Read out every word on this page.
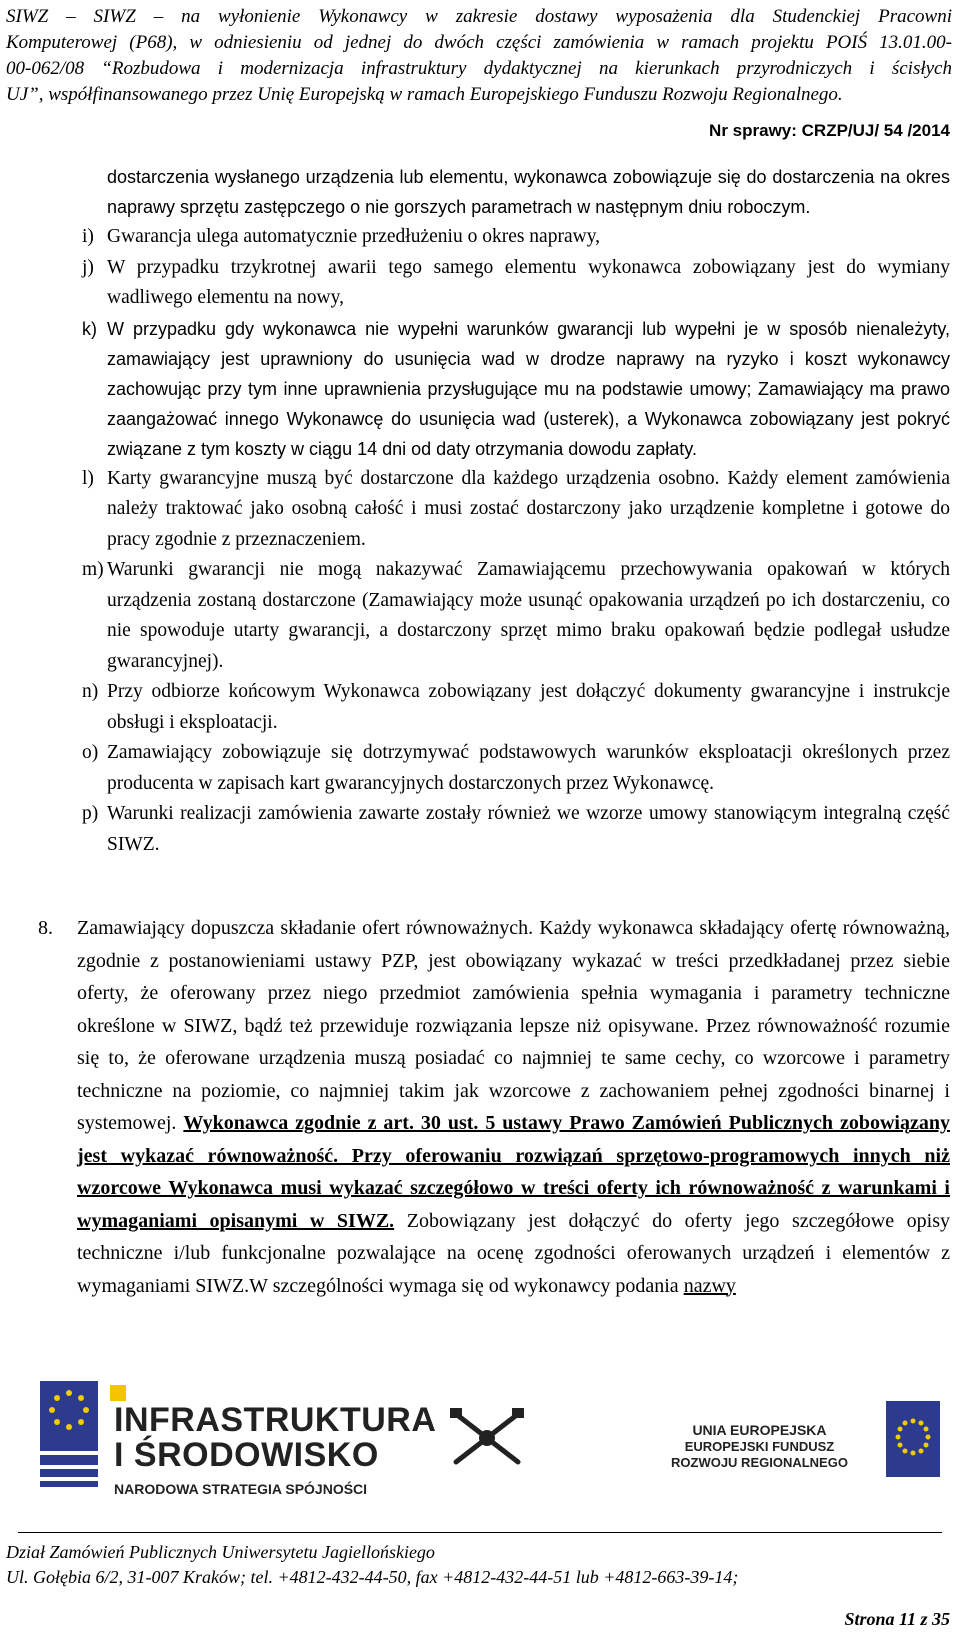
SIWZ – SIWZ – na wyłonienie Wykonawcy w zakresie dostawy wyposażenia dla Studenckiej Pracowni
Komputerowej (P68), w odniesieniu od jednej do dwóch części zamówienia w ramach projektu POIŚ 13.01.00-
00-062/08 “Rozbudowa i modernizacja infrastruktury dydaktycznej na kierunkach przyrodniczych i ścisłych
UJ”, współfinansowanego przez Unię Europejską w ramach Europejskiego Funduszu Rozwoju Regionalnego.
Nr sprawy: CRZP/UJ/ 54 /2014

dostarczenia wysłanego urządzenia lub elementu, wykonawca zobowiązuje się do dostarczenia na okres naprawy sprzętu zastępczego o nie gorszych parametrach w następnym dniu roboczym.

i) Gwarancja ulega automatycznie przedłużeniu o okres naprawy,
j) W przypadku trzykrotnej awarii tego samego elementu wykonawca zobowiązany jest do wymiany wadliwego elementu na nowy,
k) W przypadku gdy wykonawca nie wypełni warunków gwarancji lub wypełni je w sposób nienależyty, zamawiający jest uprawniony do usunięcia wad w drodze naprawy na ryzyko i koszt wykonawcy zachowując przy tym inne uprawnienia przysługujące mu na podstawie umowy; Zamawiający ma prawo zaangażować innego Wykonawcę do usunięcia wad (usterek), a Wykonawca zobowiązany jest pokryć związane z tym koszty w ciągu 14 dni od daty otrzymania dowodu zapłaty.
l) Karty gwarancyjne muszą być dostarczone dla każdego urządzenia osobno. Każdy element zamówienia należy traktować jako osobną całość i musi zostać dostarczony jako urządzenie kompletne i gotowe do pracy zgodnie z przeznaczeniem.
m) Warunki gwarancji nie mogą nakazywać Zamawiającemu przechowywania opakowań w których urządzenia zostaną dostarczone (Zamawiający może usunąć opakowania urządzeń po ich dostarczeniu, co nie spowoduje utarty gwarancji, a dostarczony sprzęt mimo braku opakowań będzie podlegał usłudze gwarancyjnej).
n) Przy odbiorze końcowym Wykonawca zobowiązany jest dołączyć dokumenty gwarancyjne i instrukcje obsługi i eksploatacji.
o) Zamawiający zobowiązuje się dotrzymywać podstawowych warunków eksploatacji określonych przez producenta w zapisach kart gwarancyjnych dostarczonych przez Wykonawcę.
p) Warunki realizacji zamówienia zawarte zostały również we wzorze umowy stanowiącym integralną część SIWZ.
8.	Zamawiający dopuszcza składanie ofert równoważnych. Każdy wykonawca składający ofertę równoważną, zgodnie z postanowieniami ustawy PZP, jest obowiązany wykazać w treści przedkładanej przez siebie oferty, że oferowany przez niego przedmiot zamówienia spełnia wymagania i parametry techniczne określone w SIWZ, bądź też przewiduje rozwiązania lepsze niż opisywane. Przez równoważność rozumie się to, że oferowane urządzenia muszą posiadać co najmniej te same cechy, co wzorcowe i parametry techniczne na poziomie, co najmniej takim jak wzorcowe z zachowaniem pełnej zgodności binarnej i systemowej. Wykonawca zgodnie z art. 30 ust. 5 ustawy Prawo Zamówień Publicznych zobowiązany jest wykazać równoważność. Przy oferowaniu rozwiązań sprzętowo-programowych innych niż wzorcowe Wykonawca musi wykazać szczegółowo w treści oferty ich równoważność z warunkami i wymaganiami opisanymi w SIWZ. Zobowiązany jest dołączyć do oferty jego szczegółowe opisy techniczne i/lub funkcjonalne pozwalające na ocenę zgodności oferowanych urządzeń i elementów z wymaganiami SIWZ.W szczególności wymaga się od wykonawcy podania nazwy
INFRASTRUKTURA
I ŚRODOWISKO
NARODOWA STRATEGIA SPÓJNOŚCI
UNIA EUROPEJSKA
EUROPEJSKI FUNDUSZ
ROZWOJU REGIONALNEGO
Dział Zamówień Publicznych Uniwersytetu Jagiellońskiego
Ul. Gołębia 6/2, 31-007 Kraków; tel. +4812-432-44-50, fax +4812-432-44-51 lub +4812-663-39-14;
Strona 11 z 35
